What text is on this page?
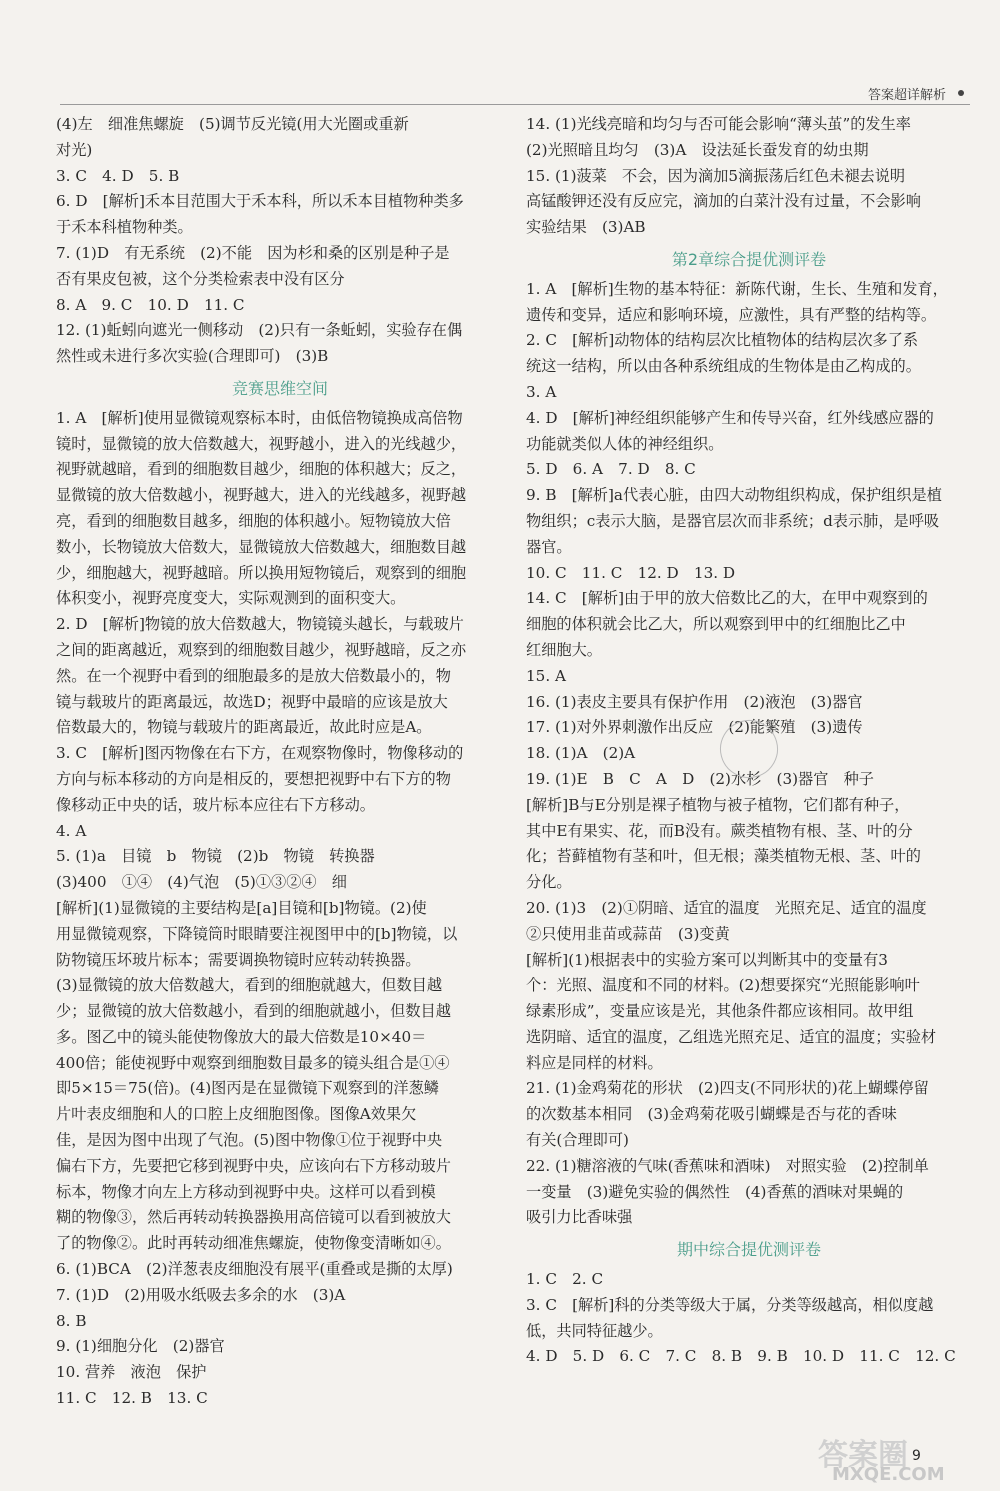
答案超详解析

(4)左　细准焦螺旋　(5)调节反光镜(用大光圈或重新

对光)

3. C　4. D　5. B

6. D　[解析]禾本目范围大于禾本科，所以禾本目植物种类多

于禾本科植物种类。

7. (1)D　有无系统　(2)不能　因为杉和桑的区别是种子是

否有果皮包被，这个分类检索表中没有区分

8. A　9. C　10. D　11. C

12. (1)蚯蚓向遮光一侧移动　(2)只有一条蚯蚓，实验存在偶

然性或未进行多次实验(合理即可)　(3)B

竞赛思维空间

1. A　[解析]使用显微镜观察标本时，由低倍物镜换成高倍物

镜时，显微镜的放大倍数越大，视野越小，进入的光线越少，

视野就越暗，看到的细胞数目越少，细胞的体积越大；反之，

显微镜的放大倍数越小，视野越大，进入的光线越多，视野越

亮，看到的细胞数目越多，细胞的体积越小。短物镜放大倍

数小，长物镜放大倍数大，显微镜放大倍数越大，细胞数目越

少，细胞越大，视野越暗。所以换用短物镜后，观察到的细胞

体积变小，视野亮度变大，实际观测到的面积变大。

2. D　[解析]物镜的放大倍数越大，物镜镜头越长，与载玻片

之间的距离越近，观察到的细胞数目越少，视野越暗，反之亦

然。在一个视野中看到的细胞最多的是放大倍数最小的，物

镜与载玻片的距离最远，故选D；视野中最暗的应该是放大

倍数最大的，物镜与载玻片的距离最近，故此时应是A。

3. C　[解析]图丙物像在右下方，在观察物像时，物像移动的

方向与标本移动的方向是相反的，要想把视野中右下方的物

像移动正中央的话，玻片标本应往右下方移动。

4. A

5. (1)a　目镜　b　物镜　(2)b　物镜　转换器

(3)400　①④　(4)气泡　(5)①③②④　细

[解析](1)显微镜的主要结构是[a]目镜和[b]物镜。(2)使

用显微镜观察，下降镜筒时眼睛要注视图甲中的[b]物镜，以

防物镜压坏玻片标本；需要调换物镜时应转动转换器。

(3)显微镜的放大倍数越大，看到的细胞就越大，但数目越

少；显微镜的放大倍数越小，看到的细胞就越小，但数目越

多。图乙中的镜头能使物像放大的最大倍数是10×40＝

400倍；能使视野中观察到细胞数目最多的镜头组合是①④

即5×15＝75(倍)。(4)图丙是在显微镜下观察到的洋葱鳞

片叶表皮细胞和人的口腔上皮细胞图像。图像A效果欠

佳，是因为图中出现了气泡。(5)图中物像①位于视野中央

偏右下方，先要把它移到视野中央，应该向右下方移动玻片

标本，物像才向左上方移动到视野中央。这样可以看到模

糊的物像③，然后再转动转换器换用高倍镜可以看到被放大

了的物像②。此时再转动细准焦螺旋，使物像变清晰如④。

6. (1)BCA　(2)洋葱表皮细胞没有展平(重叠或是撕的太厚)

7. (1)D　(2)用吸水纸吸去多余的水　(3)A

8. B

9. (1)细胞分化　(2)器官

10. 营养　液泡　保护

11. C　12. B　13. C

14. (1)光线亮暗和均匀与否可能会影响“薄头茧”的发生率

(2)光照暗且均匀　(3)A　设法延长蚕发育的幼虫期

15. (1)菠菜　不会，因为滴加5滴振荡后红色未褪去说明

高锰酸钾还没有反应完，滴加的白菜汁没有过量，不会影响

实验结果　(3)AB

第2章综合提优测评卷

1. A　[解析]生物的基本特征：新陈代谢，生长、生殖和发育，

遗传和变异，适应和影响环境，应激性，具有严整的结构等。

2. C　[解析]动物体的结构层次比植物体的结构层次多了系

统这一结构，所以由各种系统组成的生物体是由乙构成的。

3. A

4. D　[解析]神经组织能够产生和传导兴奋，红外线感应器的

功能就类似人体的神经组织。

5. D　6. A　7. D　8. C

9. B　[解析]a代表心脏，由四大动物组织构成，保护组织是植

物组织；c表示大脑，是器官层次而非系统；d表示肺，是呼吸

器官。

10. C　11. C　12. D　13. D

14. C　[解析]由于甲的放大倍数比乙的大，在甲中观察到的

细胞的体积就会比乙大，所以观察到甲中的红细胞比乙中

红细胞大。

15. A

16. (1)表皮主要具有保护作用　(2)液泡　(3)器官

17. (1)对外界刺激作出反应　(2)能繁殖　(3)遗传

18. (1)A　(2)A

19. (1)E　B　C　A　D　(2)水杉　(3)器官　种子

[解析]B与E分别是裸子植物与被子植物，它们都有种子，

其中E有果实、花，而B没有。蕨类植物有根、茎、叶的分

化；苔藓植物有茎和叶，但无根；藻类植物无根、茎、叶的

分化。

20. (1)3　(2)①阴暗、适宜的温度　光照充足、适宜的温度

②只使用韭苗或蒜苗　(3)变黄

[解析](1)根据表中的实验方案可以判断其中的变量有3

个：光照、温度和不同的材料。(2)想要探究“光照能影响叶

绿素形成”，变量应该是光，其他条件都应该相同。故甲组

选阴暗、适宜的温度，乙组选光照充足、适宜的温度；实验材

料应是同样的材料。

21. (1)金鸡菊花的形状　(2)四支(不同形状的)花上蝴蝶停留

的次数基本相同　(3)金鸡菊花吸引蝴蝶是否与花的香味

有关(合理即可)

22. (1)糖溶液的气味(香蕉味和酒味)　对照实验　(2)控制单

一变量　(3)避免实验的偶然性　(4)香蕉的酒味对果蝇的

吸引力比香味强

期中综合提优测评卷

1. C　2. C

3. C　[解析]科的分类等级大于属，分类等级越高，相似度越

低，共同特征越少。

4. D　5. D　6. C　7. C　8. B　9. B　10. D　11. C　12. C

9
答案圈
MXQE.COM
